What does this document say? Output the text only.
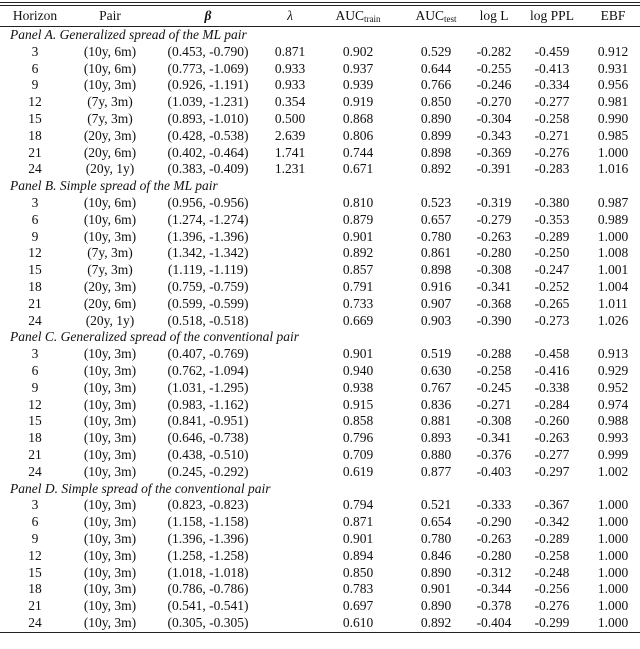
Horizon	Pair	β	λ	$AUC_{train}$	$AUC_{test}$	log L	log PPL	EBF
Panel A. Generalized spread of the ML pair								
3	(10y, 6m)	(0.453, -0.790)	0.871	0.902	0.529	-0.282	-0.459	0.912
6	(10y, 6m)	(0.773, -1.069)	0.933	0.937	0.644	-0.255	-0.413	0.931
9	(10y, 3m)	(0.926, -1.191)	0.933	0.939	0.766	-0.246	-0.334	0.956
12	(7y, 3m)	(1.039, -1.231)	0.354	0.919	0.850	-0.270	-0.277	0.981
15	(7y, 3m)	(0.893, -1.010)	0.500	0.868	0.890	-0.304	-0.258	0.990
18	(20y, 3m)	(0.428, -0.538)	2.639	0.806	0.899	-0.343	-0.271	0.985
21	(20y, 6m)	(0.402, -0.464)	1.741	0.744	0.898	-0.369	-0.276	1.000
24	(20y, 1y)	(0.383, -0.409)	1.231	0.671	0.892	-0.391	-0.283	1.016
Panel B. Simple spread of the ML pair								
3	(10y, 6m)	(0.956, -0.956)		0.810	0.523	-0.319	-0.380	0.987
6	(10y, 6m)	(1.274, -1.274)		0.879	0.657	-0.279	-0.353	0.989
9	(10y, 3m)	(1.396, -1.396)		0.901	0.780	-0.263	-0.289	1.000
12	(7y, 3m)	(1.342, -1.342)		0.892	0.861	-0.280	-0.250	1.008
15	(7y, 3m)	(1.119, -1.119)		0.857	0.898	-0.308	-0.247	1.001
18	(20y, 3m)	(0.759, -0.759)		0.791	0.916	-0.341	-0.252	1.004
21	(20y, 6m)	(0.599, -0.599)		0.733	0.907	-0.368	-0.265	1.011
24	(20y, 1y)	(0.518, -0.518)		0.669	0.903	-0.390	-0.273	1.026
Panel C. Generalized spread of the conventional pair								
3	(10y, 3m)	(0.407, -0.769)		0.901	0.519	-0.288	-0.458	0.913
6	(10y, 3m)	(0.762, -1.094)		0.940	0.630	-0.258	-0.416	0.929
9	(10y, 3m)	(1.031, -1.295)		0.938	0.767	-0.245	-0.338	0.952
12	(10y, 3m)	(0.983, -1.162)		0.915	0.836	-0.271	-0.284	0.974
15	(10y, 3m)	(0.841, -0.951)		0.858	0.881	-0.308	-0.260	0.988
18	(10y, 3m)	(0.646, -0.738)		0.796	0.893	-0.341	-0.263	0.993
21	(10y, 3m)	(0.438, -0.510)		0.709	0.880	-0.376	-0.277	0.999
24	(10y, 3m)	(0.245, -0.292)		0.619	0.877	-0.403	-0.297	1.002
Panel D. Simple spread of the conventional pair								
3	(10y, 3m)	(0.823, -0.823)		0.794	0.521	-0.333	-0.367	1.000
6	(10y, 3m)	(1.158, -1.158)		0.871	0.654	-0.290	-0.342	1.000
9	(10y, 3m)	(1.396, -1.396)		0.901	0.780	-0.263	-0.289	1.000
12	(10y, 3m)	(1.258, -1.258)		0.894	0.846	-0.280	-0.258	1.000
15	(10y, 3m)	(1.018, -1.018)		0.850	0.890	-0.312	-0.248	1.000
18	(10y, 3m)	(0.786, -0.786)		0.783	0.901	-0.344	-0.256	1.000
21	(10y, 3m)	(0.541, -0.541)		0.697	0.890	-0.378	-0.276	1.000
24	(10y, 3m)	(0.305, -0.305)		0.610	0.892	-0.404	-0.299	1.000
